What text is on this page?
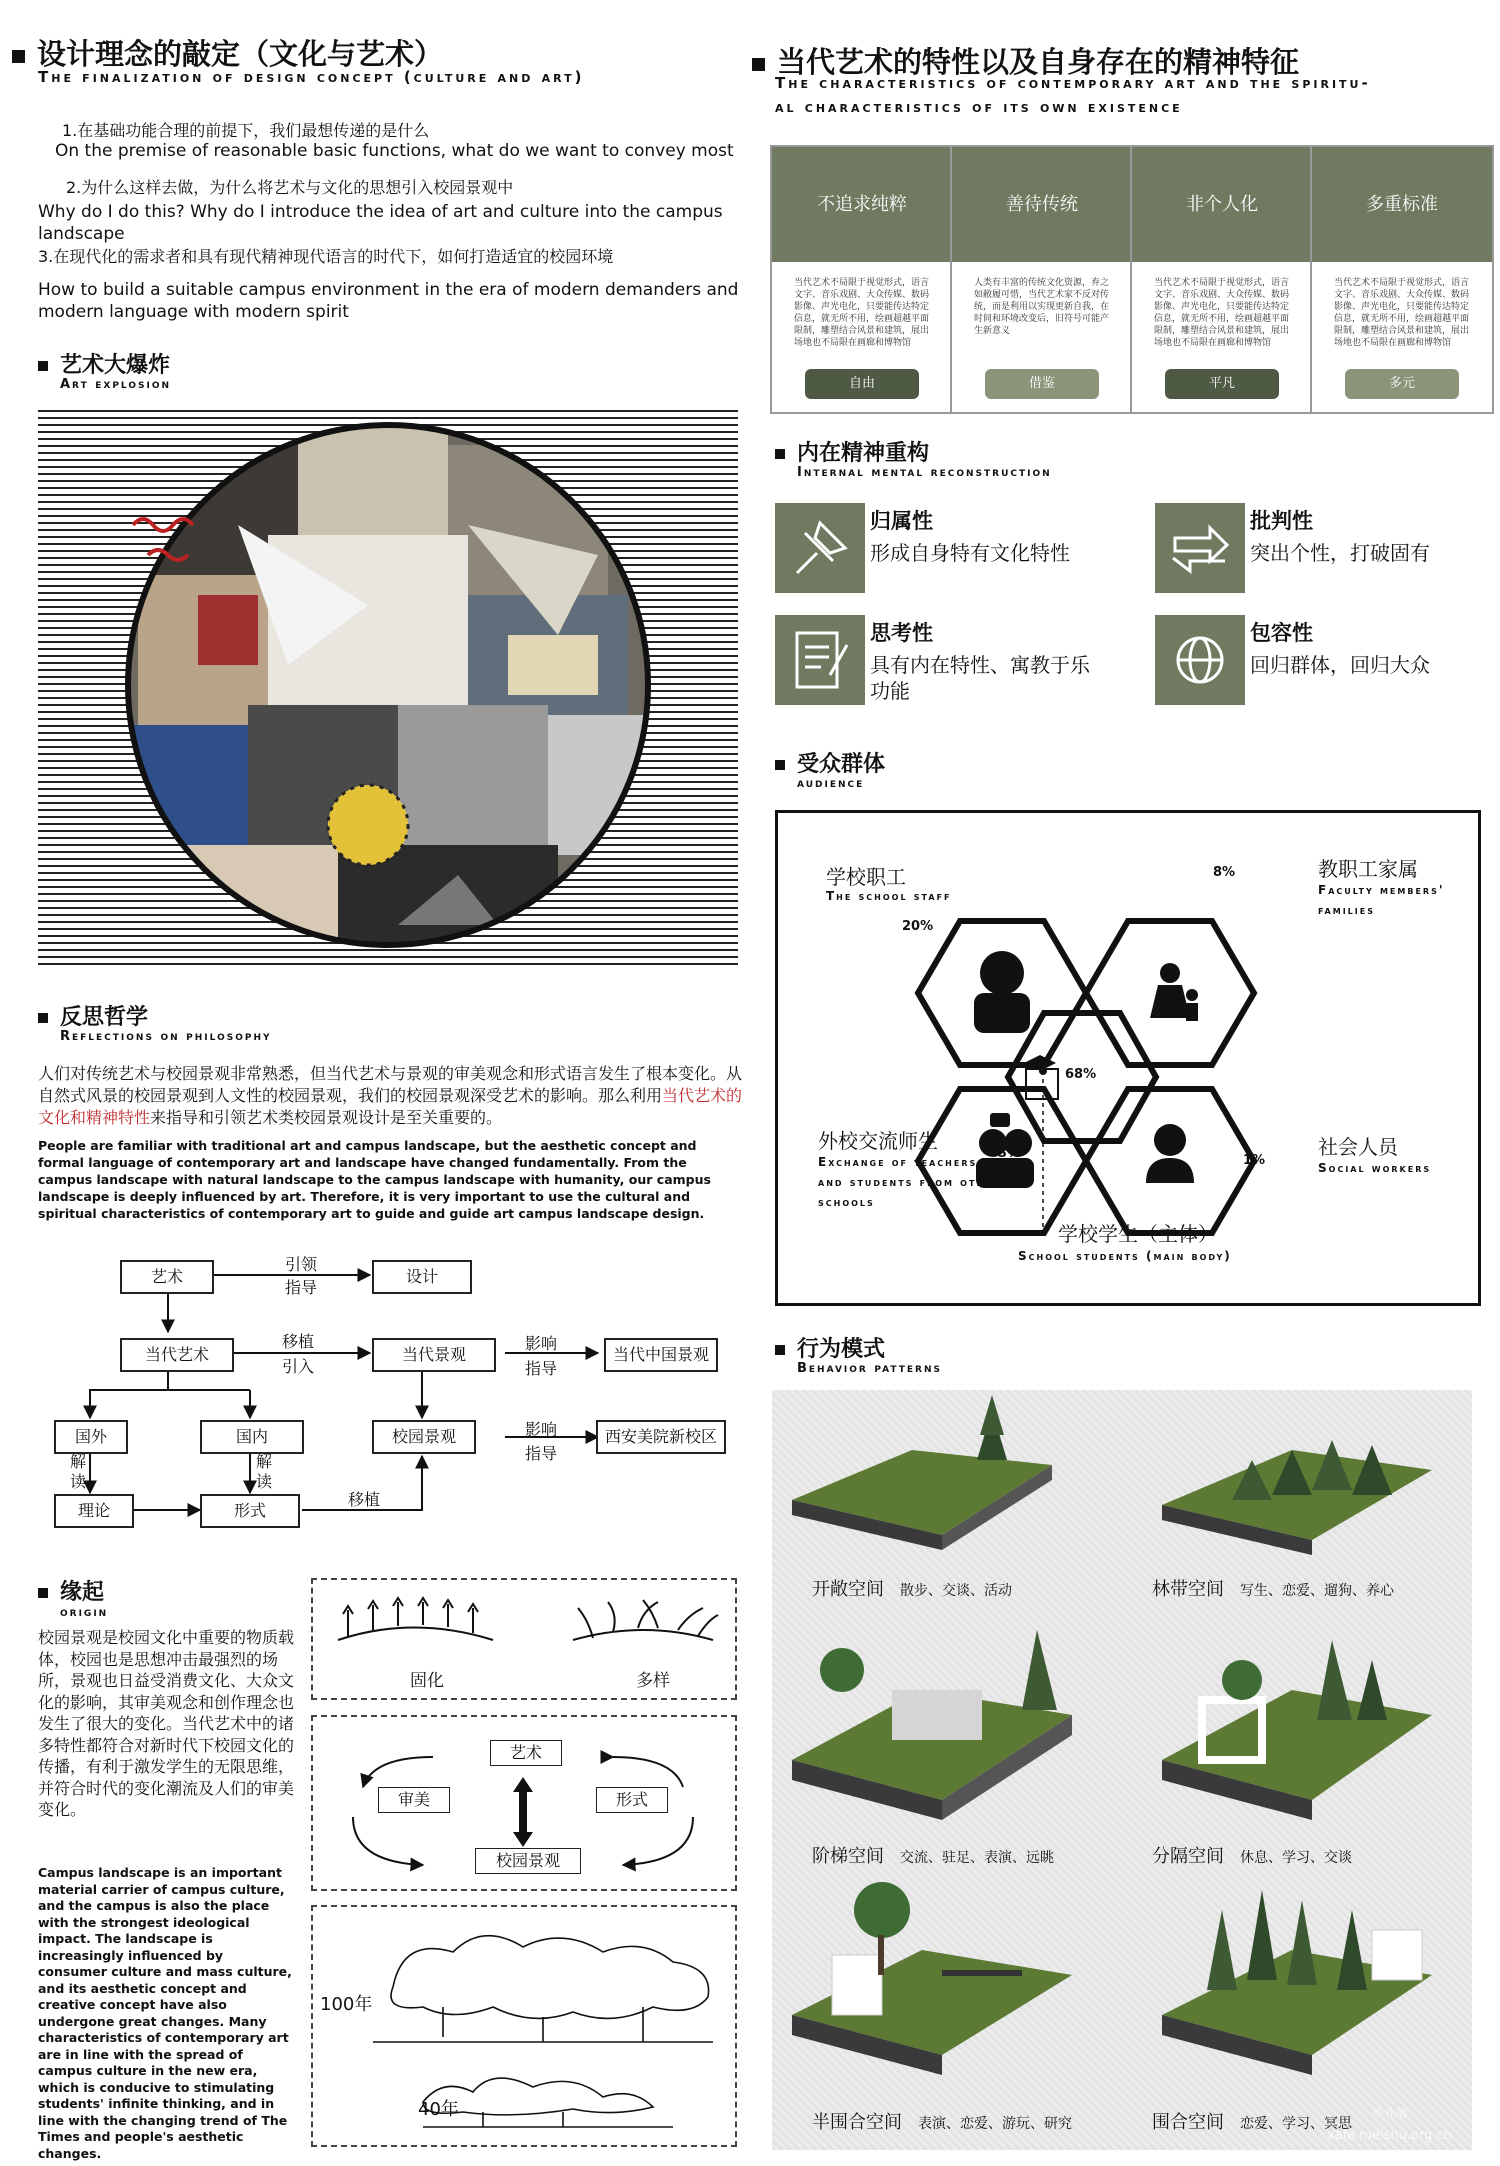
设计理念的敲定（文化与艺术）
The finalization of design concept (culture and art)
1.在基础功能合理的前提下，我们最想传递的是什么
On the premise of reasonable basic functions, what do we want to convey most
2.为什么这样去做，为什么将艺术与文化的思想引入校园景观中
Why do I do this? Why do I introduce the idea of art and culture into the campus landscape
3.在现代化的需求者和具有现代精神现代语言的时代下，如何打造适宜的校园环境
How to build a suitable campus environment in the era of modern demanders and modern language with modern spirit
艺术大爆炸
Art explosion
反思哲学
Reflections on philosophy
人们对传统艺术与校园景观非常熟悉，但当代艺术与景观的审美观念和形式语言发生了根本变化。从自然式风景的校园景观到人文性的校园景观，我们的校园景观深受艺术的影响。那么利用当代艺术的文化和精神特性来指导和引领艺术类校园景观设计是至关重要的。
People are familiar with traditional art and campus landscape, but the aesthetic concept and formal language of contemporary art and landscape have changed fundamentally. From the campus landscape with natural landscape to the campus landscape with humanity, our campus landscape is deeply influenced by art. Therefore, it is very important to use the cultural and spiritual characteristics of contemporary art to guide and guide art campus landscape design.
艺术	设计
引领
指导
当代艺术
移植
引入
当代景观
影响
指导
当代中国景观
国外	国内	校园景观	影响
指导
西安美院新校区
解读
解读
理论	形式
移植
缘起
origin
校园景观是校园文化中重要的物质载体，校园也是思想冲击最强烈的场所，景观也日益受消费文化、大众文化的影响，其审美观念和创作理念也发生了很大的变化。当代艺术中的诸多特性都符合对新时代下校园文化的传播，有利于激发学生的无限思维，并符合时代的变化潮流及人们的审美变化。
Campus landscape is an important material carrier of campus culture, and the campus is also the place with the strongest ideological impact. The landscape is increasingly influenced by consumer culture and mass culture, and its aesthetic concept and creative concept have also undergone great changes. Many characteristics of contemporary art are in line with the spread of campus culture in the new era, which is conducive to stimulating students' infinite thinking, and in line with the changing trend of The Times and people's aesthetic changes.
固化	多样
艺术
审美	形式
校园景观
100年
40年
当代艺术的特性以及自身存在的精神特征
The characteristics of contemporary art and the spiritu-
al characteristics of its own existence
不追求纯粹
当代艺术不局限于视觉形式，语言文字、音乐戏剧、大众传媒、数码影像、声光电化，只要能传达特定信息，就无所不用，绘画超越平面限制，雕塑结合风景和建筑，展出场地也不局限在画廊和博物馆
自由
善待传统
人类有丰富的传统文化资源，弃之如敝履可惜，当代艺术家不反对传统，而是利用以实现更新自我，在时间和环境改变后，旧符号可能产生新意义
借鉴
非个人化
当代艺术不局限于视觉形式，语言文字、音乐戏剧、大众传媒、数码影像、声光电化，只要能传达特定信息，就无所不用，绘画超越平面限制，雕塑结合风景和建筑，展出场地也不局限在画廊和博物馆
平凡
多重标准
当代艺术不局限于视觉形式，语言文字、音乐戏剧、大众传媒、数码影像、声光电化，只要能传达特定信息，就无所不用，绘画超越平面限制，雕塑结合风景和建筑，展出场地也不局限在画廊和博物馆
多元
内在精神重构
Internal mental reconstruction
归属性
形成自身特有文化特性
批判性
突出个性，打破固有
思考性
具有内在特性、寓教于乐功能
包容性
回归群体，回归大众
受众群体
audience
学校职工
The school staff
20%
教职工家属
Faculty members'
families
8%
外校交流师生
Exchange of teachers
and students from other
schools
3%	社会人员
Social workers
1%
68%
学校学生（主体）
School students (main body)
行为模式
Behavior patterns
开敞空间 散步、交谈、活动	林带空间 写生、恋爱、遛狗、养心
阶梯空间 交流、驻足、表演、远眺	分隔空间 休息、学习、交谈
半围合空间 表演、恋爱、游玩、研究	围合空间 恋爱、学习、冥思
毕业展
xafa.meishu.org.cn
